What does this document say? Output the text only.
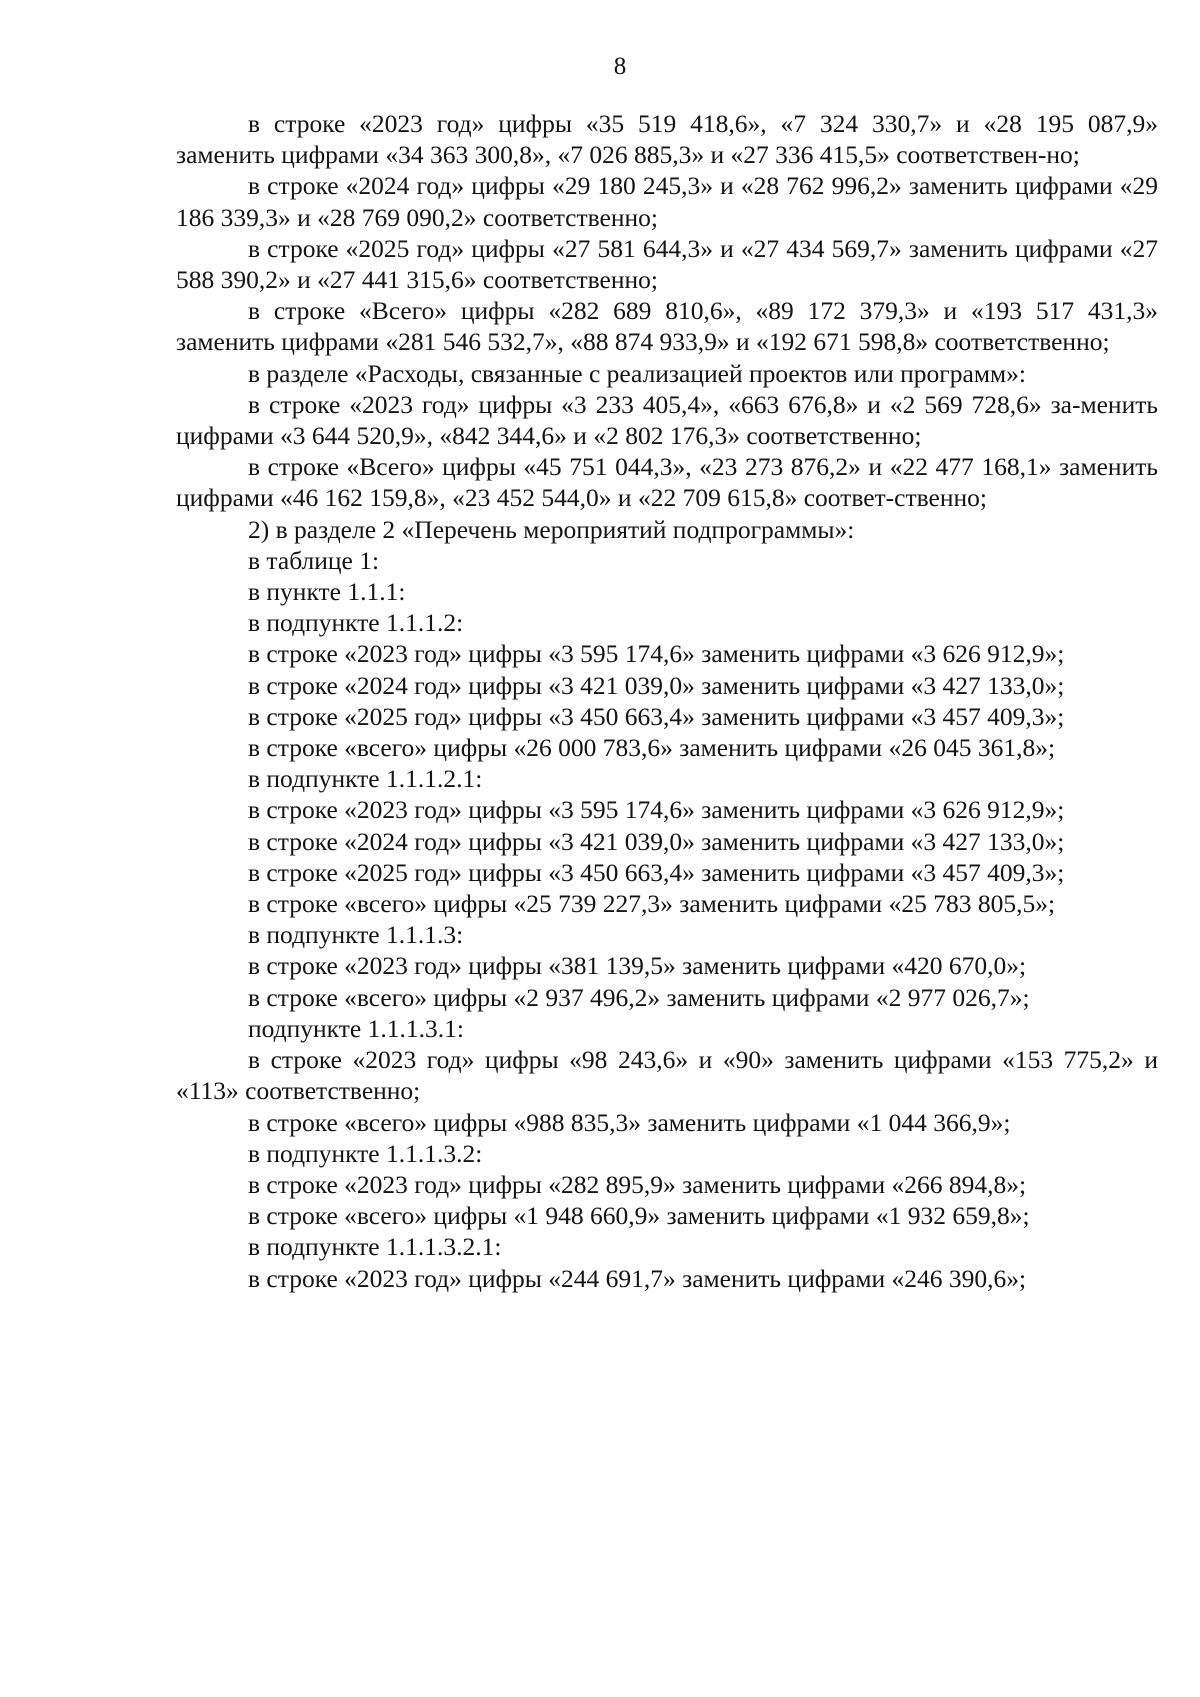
8

в строке «2023 год» цифры «35 519 418,6», «7 324 330,7» и «28 195 087,9» заменить цифрами «34 363 300,8», «7 026 885,3» и «27 336 415,5» соответствен-но;

в строке «2024 год» цифры «29 180 245,3» и «28 762 996,2» заменить цифрами «29 186 339,3» и «28 769 090,2» соответственно;

в строке «2025 год» цифры «27 581 644,3» и «27 434 569,7» заменить цифрами «27 588 390,2» и «27 441 315,6» соответственно;

в строке «Всего» цифры «282 689 810,6», «89 172 379,3» и «193 517 431,3» заменить цифрами «281 546 532,7», «88 874 933,9» и «192 671 598,8» соответственно;

в разделе «Расходы, связанные с реализацией проектов или программ»:

в строке «2023 год» цифры «3 233 405,4», «663 676,8» и «2 569 728,6» за-менить цифрами «3 644 520,9», «842 344,6» и «2 802 176,3» соответственно;

в строке «Всего» цифры «45 751 044,3», «23 273 876,2» и «22 477 168,1» заменить цифрами «46 162 159,8», «23 452 544,0» и «22 709 615,8» соответ-ственно;

2) в разделе 2 «Перечень мероприятий подпрограммы»:

в таблице 1:

в пункте 1.1.1:

в подпункте 1.1.1.2:

в строке «2023 год» цифры «3 595 174,6» заменить цифрами «3 626 912,9»;

в строке «2024 год» цифры «3 421 039,0» заменить цифрами «3 427 133,0»;

в строке «2025 год» цифры «3 450 663,4» заменить цифрами «3 457 409,3»;

в строке «всего» цифры «26 000 783,6» заменить цифрами «26 045 361,8»;

в подпункте 1.1.1.2.1:

в строке «2023 год» цифры «3 595 174,6» заменить цифрами «3 626 912,9»;

в строке «2024 год» цифры «3 421 039,0» заменить цифрами «3 427 133,0»;

в строке «2025 год» цифры «3 450 663,4» заменить цифрами «3 457 409,3»;

в строке «всего» цифры «25 739 227,3» заменить цифрами «25 783 805,5»;

в подпункте 1.1.1.3:

в строке «2023 год» цифры «381 139,5» заменить цифрами «420 670,0»;

в строке «всего» цифры «2 937 496,2» заменить цифрами «2 977 026,7»;

подпункте 1.1.1.3.1:

в строке «2023 год» цифры «98 243,6» и «90» заменить цифрами «153 775,2» и «113» соответственно;

в строке «всего» цифры «988 835,3» заменить цифрами «1 044 366,9»;

в подпункте 1.1.1.3.2:

в строке «2023 год» цифры «282 895,9» заменить цифрами «266 894,8»;

в строке «всего» цифры «1 948 660,9» заменить цифрами «1 932 659,8»;

в подпункте 1.1.1.3.2.1:

в строке «2023 год» цифры «244 691,7» заменить цифрами «246 390,6»;
